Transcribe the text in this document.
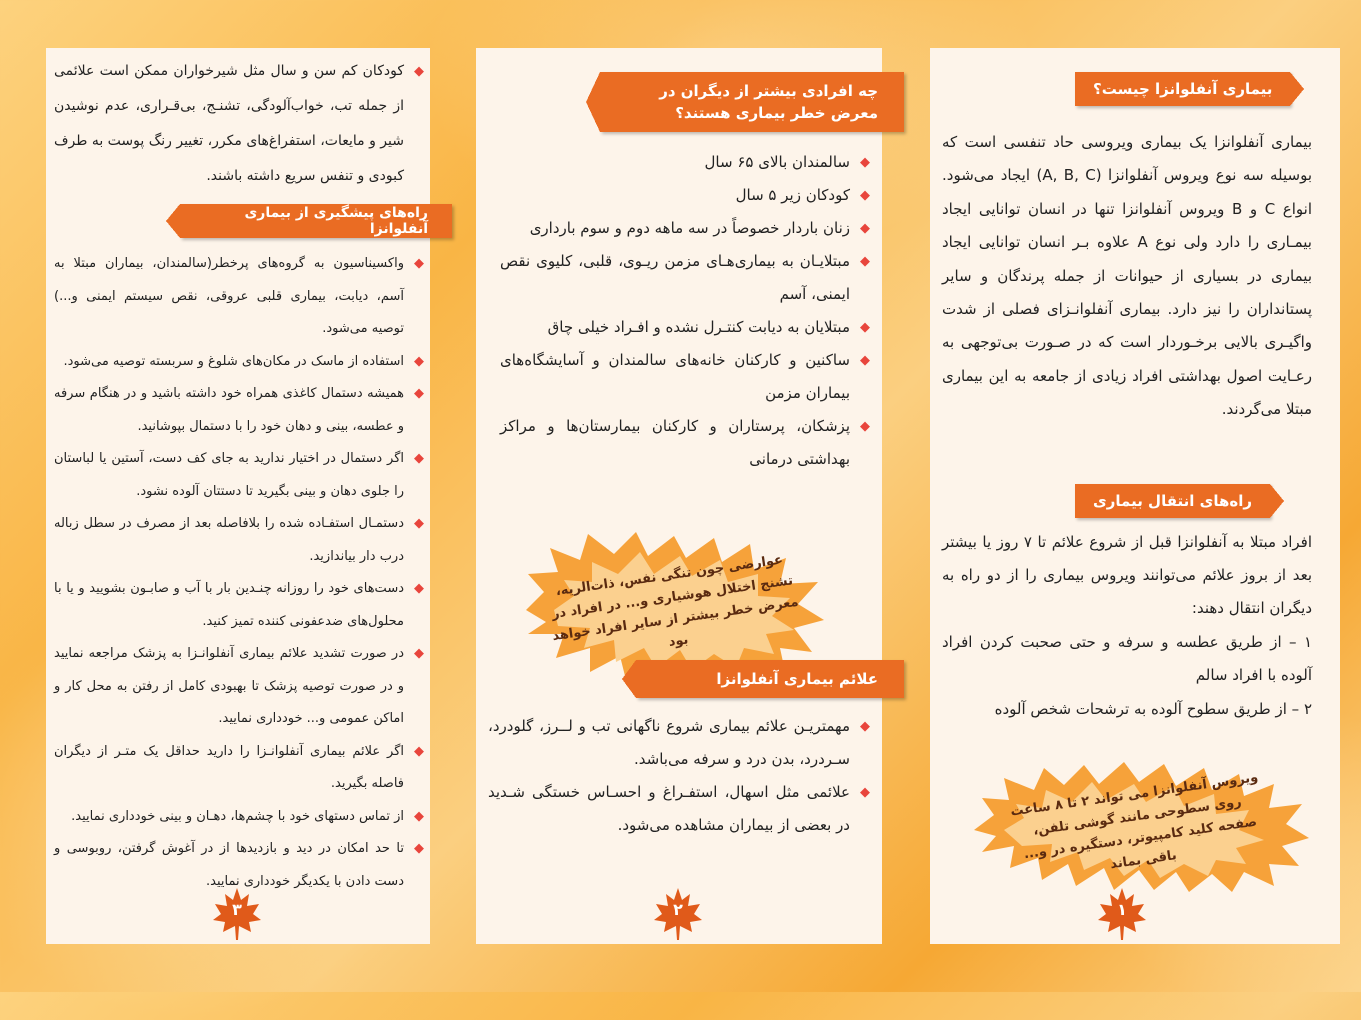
بیماری آنفلوانزا چیست؟
بیماری آنفلوانزا یک بیماری ویروسی حاد تنفسی است که بوسیله سه نوع ویروس آنفلوانزا (A, B, C) ایجاد می‌شود. انواع C و B ویروس آنفلوانزا تنها در انسان توانایی ایجاد بیمـاری را دارد ولی نوع A علاوه بـر انسان توانایی ایجاد بیماری در بسیاری از حیوانات از جمله پرندگان و سایر پستانداران را نیز دارد. بیماری آنفلوانـزای فصلی از شدت واگیـری بالایی برخـوردار است که در صـورت بی‌توجهی به رعـایت اصول بهداشتی افراد زیادی از جامعه به این بیماری مبتلا می‌گردند.
راه‌های انتقال بیماری
افراد مبتلا به آنفلوانزا قبل از شروع علائم تا ۷ روز یا بیشتر بعد از بروز علائم می‌توانند ویروس بیماری را از دو راه به دیگران انتقال دهند:
۱ – از طریق عطسه و سرفه و حتی صحبت کردن افراد آلوده با افراد سالم
۲ – از طریق سطوح آلوده به ترشحات شخص آلوده
ویروس آنفلوانزا می تواند ۲ تا ۸ ساعت روی سطوحی مانند گوشی تلفن، صفحه کلید کامپیوتر، دستگیره در و... باقی بماند
۱
چه افرادی بیشتر از دیگران در معرض خطر بیماری هستند؟
◆
سالمندان بالای ۶۵ سال
◆
کودکان زیر ۵ سال
◆
زنان باردار خصوصاً در سه ماهه دوم و سوم بارداری
◆
مبتلایـان به بیماری‌هـای مزمن ریـوی، قلبی، کلیوی نقص ایمنی، آسم
◆
مبتلایان به دیابت کنتـرل نشده و افـراد خیلی چاق
◆
ساکنین و کارکنان خانه‌های سالمندان و آسایشگاه‌های بیماران مزمن
◆
پزشکان، پرستاران و کارکنان بیمارستان‌ها و مراکز بهداشتی درمانی
عوارضی چون تنگی نفس، ذات‌الریه، تشنج اختلال هوشیاری و... در افراد در معرض خطر بیشتر از سایر افراد خواهد بود
علائم بیماری آنفلوانزا
◆
مهمتریـن علائم بیماری شروع ناگهانی تب و لــرز، گلودرد، سـردرد، بدن درد و سرفه می‌باشد.
◆
علائمی مثل اسهال، استفـراغ و احسـاس خستگی شـدید در بعضی از بیماران مشاهده می‌شود.
۲
◆
کودکان کم سن و سال مثل شیرخواران ممکن است علائمی از جمله تب، خواب‌آلودگی، تشنـج، بی‌قـراری، عدم نوشیدن شیر و مایعات، استفراغ‌های مکرر، تغییر رنگ پوست به طرف کبودی و تنفس سریع داشته باشند.
راه‌های پیشگیری از بیماری آنفلوانزا
◆
واکسیناسیون به گروه‌های پرخطر(سالمندان، بیماران مبتلا به آسم، دیابت، بیماری قلبی عروقی، نقص سیستم ایمنی و...) توصیه می‌شود.
◆
استفاده از ماسک در مکان‌های شلوغ و سربسته توصیه می‌شود.
◆
همیشه دستمال کاغذی همراه خود داشته باشید و در هنگام سرفه و عطسه، بینی و دهان خود را با دستمال بپوشانید.
◆
اگر دستمال در اختیار ندارید به جای کف دست، آستین یا لباستان را جلوی دهان و بینی بگیرید تا دستتان آلوده نشود.
◆
دستمـال استفـاده شده را بلافاصله بعد از مصرف در سطل زباله درب دار بیاندازید.
◆
دست‌های خود را روزانه چنـدین بار با آب و صابـون بشویید و یا با محلول‌های ضدعفونی کننده تمیز کنید.
◆
در صورت تشدید علائم بیماری آنفلوانـزا به پزشک مراجعه نمایید و در صورت توصیه پزشک تا بهبودی کامل از رفتن به محل کار و اماکن عمومی و... خودداری نمایید.
◆
اگر علائم بیماری آنفلوانـزا را دارید حداقل یک متـر از دیگران فاصله بگیرید.
◆
از تماس دستهای خود با چشم‌ها، دهـان و بینی خودداری نمایید.
◆
تا حد امکان در دید و بازدیدها از در آغوش گرفتن، روبوسی و دست دادن با یکدیگر خودداری نمایید.
۳
